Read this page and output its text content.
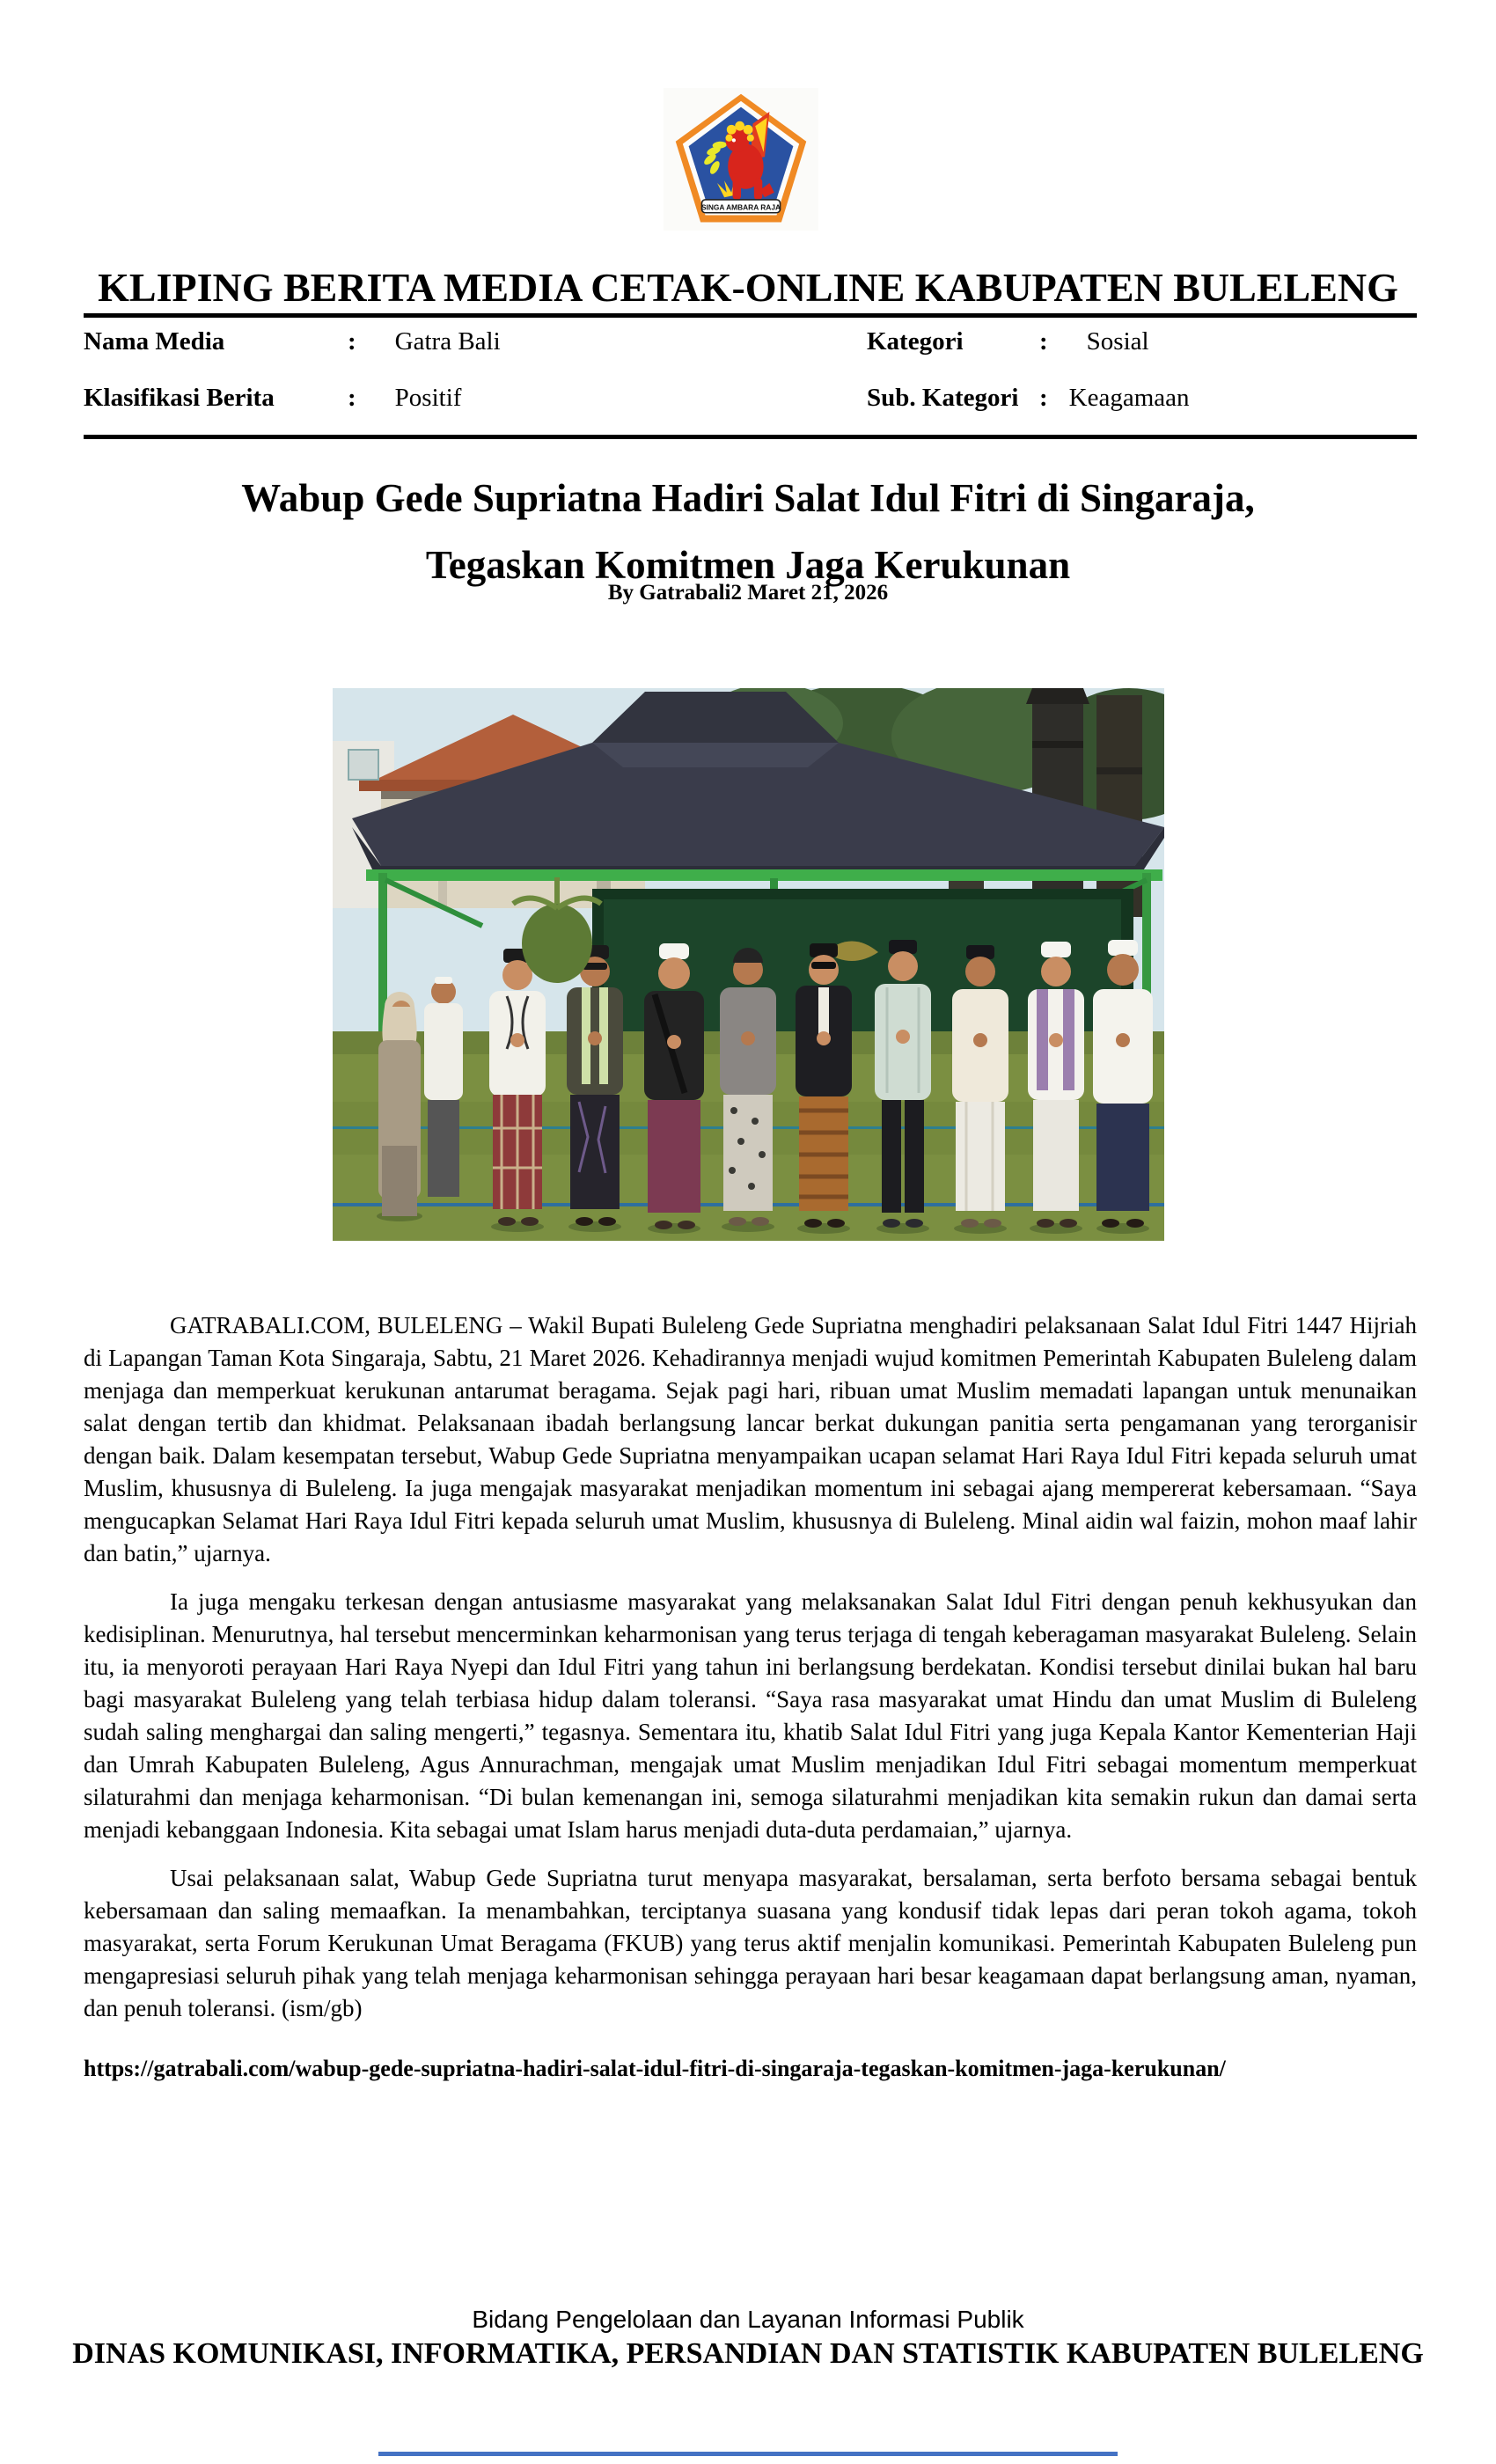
SINGA AMBARA RAJA
KLIPING BERITA MEDIA CETAK-ONLINE KABUPATEN BULELENG
Nama Media	: Gatra Bali	Kategori	: Sosial
Klasifikasi Berita	: Positif	Sub. Kategori : Keagamaan
Wabup Gede Supriatna Hadiri Salat Idul Fitri di Singaraja,
Tegaskan Komitmen Jaga Kerukunan
By Gatrabali2 Maret 21, 2026

GATRABALI.COM, BULELENG – Wakil Bupati Buleleng Gede Supriatna menghadiri pelaksanaan Salat Idul Fitri 1447 Hijriah di Lapangan Taman Kota Singaraja, Sabtu, 21 Maret 2026. Kehadirannya menjadi wujud komitmen Pemerintah Kabupaten Buleleng dalam menjaga dan memperkuat kerukunan antarumat beragama. Sejak pagi hari, ribuan umat Muslim memadati lapangan untuk menunaikan salat dengan tertib dan khidmat. Pelaksanaan ibadah berlangsung lancar berkat dukungan panitia serta pengamanan yang terorganisir dengan baik. Dalam kesempatan tersebut, Wabup Gede Supriatna menyampaikan ucapan selamat Hari Raya Idul Fitri kepada seluruh umat Muslim, khususnya di Buleleng. Ia juga mengajak masyarakat menjadikan momentum ini sebagai ajang mempererat kebersamaan. “Saya mengucapkan Selamat Hari Raya Idul Fitri kepada seluruh umat Muslim, khususnya di Buleleng. Minal aidin wal faizin, mohon maaf lahir dan batin,” ujarnya.

Ia juga mengaku terkesan dengan antusiasme masyarakat yang melaksanakan Salat Idul Fitri dengan penuh kekhusyukan dan kedisiplinan. Menurutnya, hal tersebut mencerminkan keharmonisan yang terus terjaga di tengah keberagaman masyarakat Buleleng. Selain itu, ia menyoroti perayaan Hari Raya Nyepi dan Idul Fitri yang tahun ini berlangsung berdekatan. Kondisi tersebut dinilai bukan hal baru bagi masyarakat Buleleng yang telah terbiasa hidup dalam toleransi. “Saya rasa masyarakat umat Hindu dan umat Muslim di Buleleng sudah saling menghargai dan saling mengerti,” tegasnya. Sementara itu, khatib Salat Idul Fitri yang juga Kepala Kantor Kementerian Haji dan Umrah Kabupaten Buleleng, Agus Annurachman, mengajak umat Muslim menjadikan Idul Fitri sebagai momentum memperkuat silaturahmi dan menjaga keharmonisan. “Di bulan kemenangan ini, semoga silaturahmi menjadikan kita semakin rukun dan damai serta menjadi kebanggaan Indonesia. Kita sebagai umat Islam harus menjadi duta-duta perdamaian,” ujarnya.

Usai pelaksanaan salat, Wabup Gede Supriatna turut menyapa masyarakat, bersalaman, serta berfoto bersama sebagai bentuk kebersamaan dan saling memaafkan. Ia menambahkan, terciptanya suasana yang kondusif tidak lepas dari peran tokoh agama, tokoh masyarakat, serta Forum Kerukunan Umat Beragama (FKUB) yang terus aktif menjalin komunikasi. Pemerintah Kabupaten Buleleng pun mengapresiasi seluruh pihak yang telah menjaga keharmonisan sehingga perayaan hari besar keagamaan dapat berlangsung aman, nyaman, dan penuh toleransi. (ism/gb)

https://gatrabali.com/wabup-gede-supriatna-hadiri-salat-idul-fitri-di-singaraja-tegaskan-komitmen-jaga-kerukunan/
Bidang Pengelolaan dan Layanan Informasi Publik
DINAS KOMUNIKASI, INFORMATIKA, PERSANDIAN DAN STATISTIK KABUPATEN BULELENG
